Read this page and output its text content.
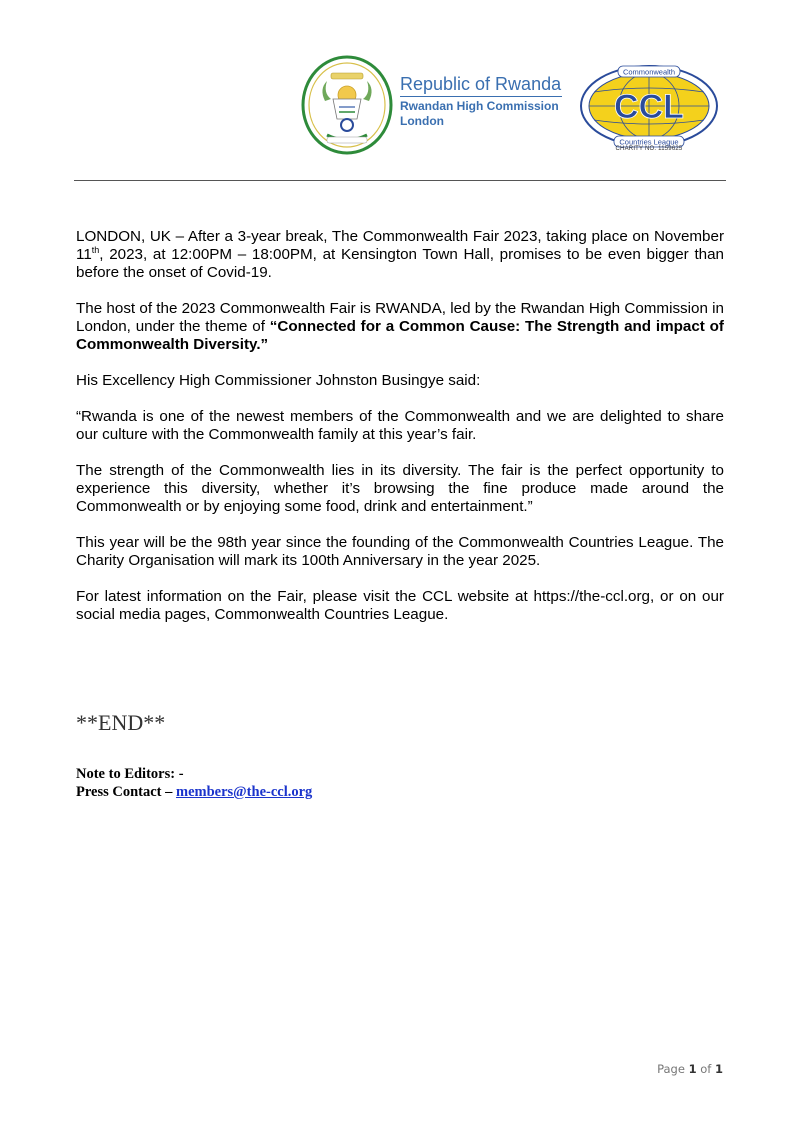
Republic of Rwanda
Rwandan High Commission
London	CCL
Commonwealth
Countries League
CHARITY NO. 1159625

LONDON, UK – After a 3-year break, The Commonwealth Fair 2023, taking place on November 11th, 2023, at 12:00PM – 18:00PM, at Kensington Town Hall, promises to be even bigger than before the onset of Covid-19.

The host of the 2023 Commonwealth Fair is RWANDA, led by the Rwandan High Commission in London, under the theme of “Connected for a Common Cause: The Strength and impact of Commonwealth Diversity.”

His Excellency High Commissioner Johnston Busingye said:

“Rwanda is one of the newest members of the Commonwealth and we are delighted to share our culture with the Commonwealth family at this year’s fair.

The strength of the Commonwealth lies in its diversity. The fair is the perfect opportunity to experience this diversity, whether it’s browsing the fine produce made around the Commonwealth or by enjoying some food, drink and entertainment.”

This year will be the 98th year since the founding of the Commonwealth Countries League. The Charity Organisation will mark its 100th Anniversary in the year 2025.

For latest information on the Fair, please visit the CCL website at https://the-ccl.org, or on our social media pages, Commonwealth Countries League.

**END**
Note to Editors: -
Press Contact – members@the-ccl.org
Page 1 of 1
